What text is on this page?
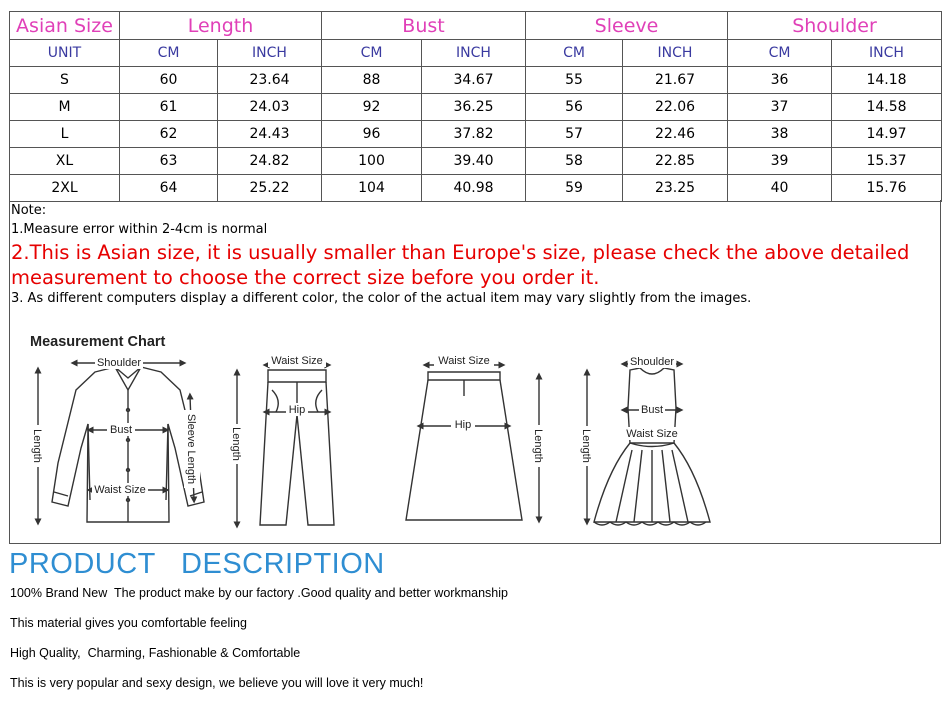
Asian Size	Length		Bust		Sleeve		Shoulder	
UNIT	CM	INCH	CM	INCH	CM	INCH	CM	INCH
S	60	23.64	88	34.67	55	21.67	36	14.18
M	61	24.03	92	36.25	56	22.06	37	14.58
L	62	24.43	96	37.82	57	22.46	38	14.97
XL	63	24.82	100	39.40	58	22.85	39	15.37
2XL	64	25.22	104	40.98	59	23.25	40	15.76
Note:
1.Measure error within 2-4cm is normal
2.This is Asian size, it is usually smaller than Europe's size, please check the above detailed measurement to choose the correct size before you order it.
3. As different computers display a different color, the color of the actual item may vary slightly from the images.
Measurement Chart
Shoulder
Bust
Waist Size
Length	Sleeve Length
Waist Size
Hip
Length
Waist Size
Hip
Length
Shoulder
Bust
Waist Size
Length
PRODUCT   DESCRIPTION
100% Brand New  The product make by our factory .Good quality and better workmanship
This material gives you comfortable feeling
High Quality,  Charming, Fashionable & Comfortable
This is very popular and sexy design, we believe you will love it very much!
